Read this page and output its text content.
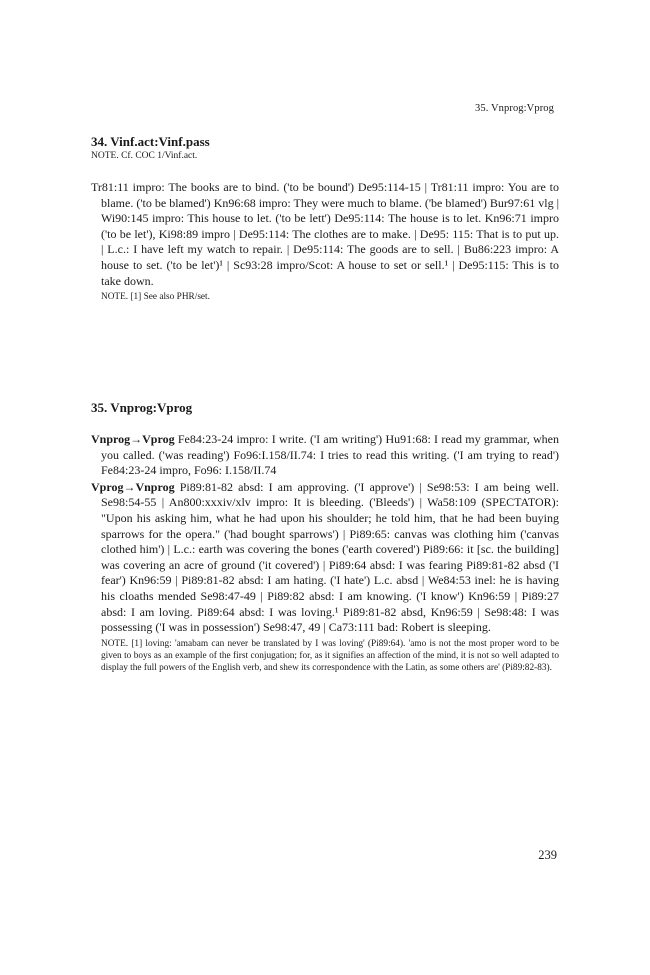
35. Vnprog:Vprog

34. Vinf.act:Vinf.pass

NOTE. Cf. COC 1/Vinf.act.

Tr81:11 impro: The books are to bind. ('to be bound') De95:114-15 | Tr81:11 impro: You are to blame. ('to be blamed') Kn96:68 impro: They were much to blame. ('be blamed') Bur97:61 vlg | Wi90:145 impro: This house to let. ('to be lett') De95:114: The house is to let. Kn96:71 impro ('to be let'), Ki98:89 impro | De95:114: The clothes are to make. | De95: 115: That is to put up. | L.c.: I have left my watch to repair. | De95:114: The goods are to sell. | Bu86:223 impro: A house to set. ('to be let')¹ | Sc93:28 impro/Scot: A house to set or sell.¹ | De95:115: This is to take down.

NOTE. [1] See also PHR/set.

35. Vnprog:Vprog

Vnprog→Vprog Fe84:23-24 impro: I write. ('I am writing') Hu91:68: I read my grammar, when you called. ('was reading') Fo96:I.158/II.74: I tries to read this writing. ('I am trying to read') Fe84:23-24 impro, Fo96: I.158/II.74

Vprog→Vnprog Pi89:81-82 absd: I am approving. ('I approve') | Se98:53: I am being well. Se98:54-55 | An800:xxxiv/xlv impro: It is bleeding. ('Bleeds') | Wa58:109 (SPECTATOR): "Upon his asking him, what he had upon his shoulder; he told him, that he had been buying sparrows for the opera." ('had bought sparrows') | Pi89:65: canvas was clothing him ('canvas clothed him') | L.c.: earth was covering the bones ('earth covered') Pi89:66: it [sc. the building] was covering an acre of ground ('it covered') | Pi89:64 absd: I was fearing Pi89:81-82 absd ('I fear') Kn96:59 | Pi89:81-82 absd: I am hating. ('I hate') L.c. absd | We84:53 inel: he is having his cloaths mended Se98:47-49 | Pi89:82 absd: I am knowing. ('I know') Kn96:59 | Pi89:27 absd: I am loving. Pi89:64 absd: I was loving.¹ Pi89:81-82 absd, Kn96:59 | Se98:48: I was possessing ('I was in possession') Se98:47, 49 | Ca73:111 bad: Robert is sleeping.

NOTE. [1] loving: 'amabam can never be translated by I was loving' (Pi89:64). 'amo is not the most proper word to be given to boys as an example of the first conjugation; for, as it signifies an affection of the mind, it is not so well adapted to display the full powers of the English verb, and shew its correspondence with the Latin, as some others are' (Pi89:82-83).

239
